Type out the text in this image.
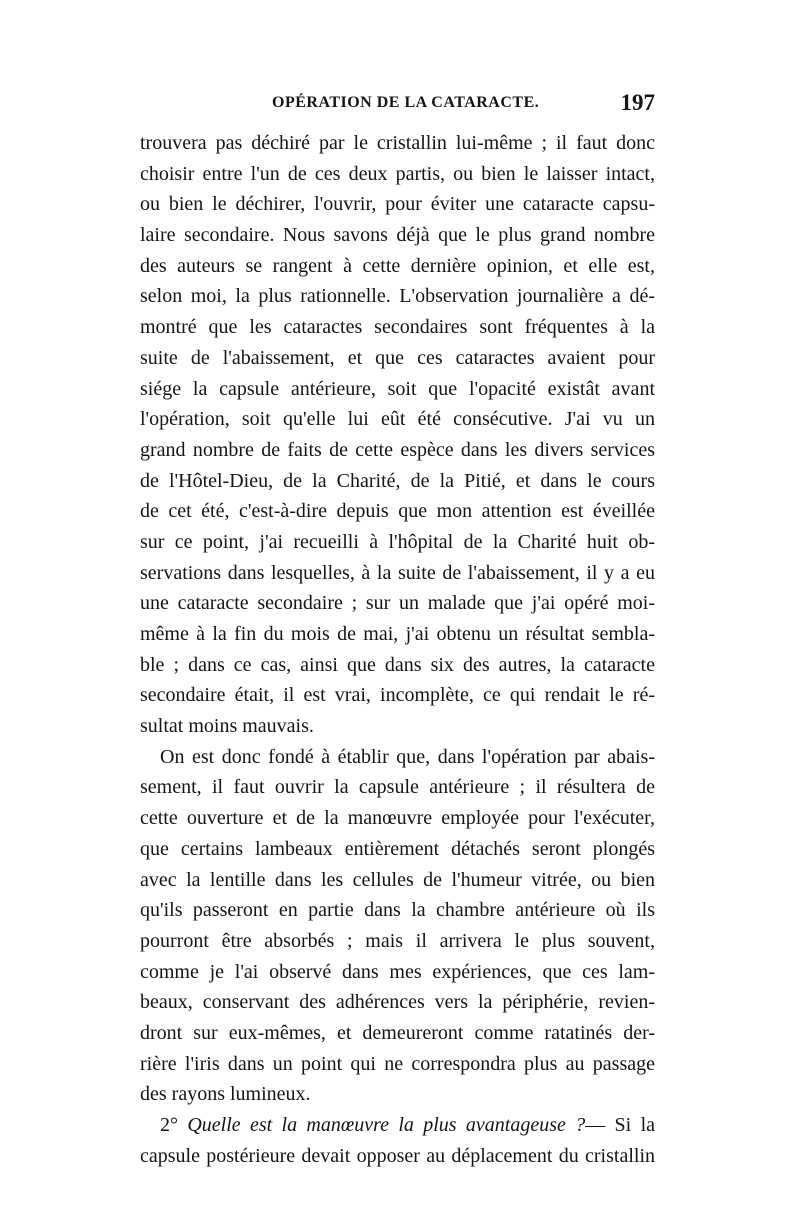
OPÉRATION DE LA CATARACTE.	197
trouvera pas déchiré par le cristallin lui-même ; il faut donc
choisir entre l'un de ces deux partis, ou bien le laisser intact,
ou bien le déchirer, l'ouvrir, pour éviter une cataracte capsu-
laire secondaire. Nous savons déjà que le plus grand nombre
des auteurs se rangent à cette dernière opinion, et elle est,
selon moi, la plus rationnelle. L'observation journalière a dé-
montré que les cataractes secondaires sont fréquentes à la
suite de l'abaissement, et que ces cataractes avaient pour
siége la capsule antérieure, soit que l'opacité existât avant
l'opération, soit qu'elle lui eût été consécutive. J'ai vu un
grand nombre de faits de cette espèce dans les divers services
de l'Hôtel-Dieu, de la Charité, de la Pitié, et dans le cours
de cet été, c'est-à-dire depuis que mon attention est éveillée
sur ce point, j'ai recueilli à l'hôpital de la Charité huit ob-
servations dans lesquelles, à la suite de l'abaissement, il y a eu
une cataracte secondaire ; sur un malade que j'ai opéré moi-
même à la fin du mois de mai, j'ai obtenu un résultat sembla-
ble ; dans ce cas, ainsi que dans six des autres, la cataracte
secondaire était, il est vrai, incomplète, ce qui rendait le ré-
sultat moins mauvais.
On est donc fondé à établir que, dans l'opération par abais-
sement, il faut ouvrir la capsule antérieure ; il résultera de
cette ouverture et de la manœuvre employée pour l'exécuter,
que certains lambeaux entièrement détachés seront plongés
avec la lentille dans les cellules de l'humeur vitrée, ou bien
qu'ils passeront en partie dans la chambre antérieure où ils
pourront être absorbés ; mais il arrivera le plus souvent,
comme je l'ai observé dans mes expériences, que ces lam-
beaux, conservant des adhérences vers la périphérie, revien-
dront sur eux-mêmes, et demeureront comme ratatinés der-
rière l'iris dans un point qui ne correspondra plus au passage
des rayons lumineux.
2° Quelle est la manœuvre la plus avantageuse ?— Si la
capsule postérieure devait opposer au déplacement du cristallin
